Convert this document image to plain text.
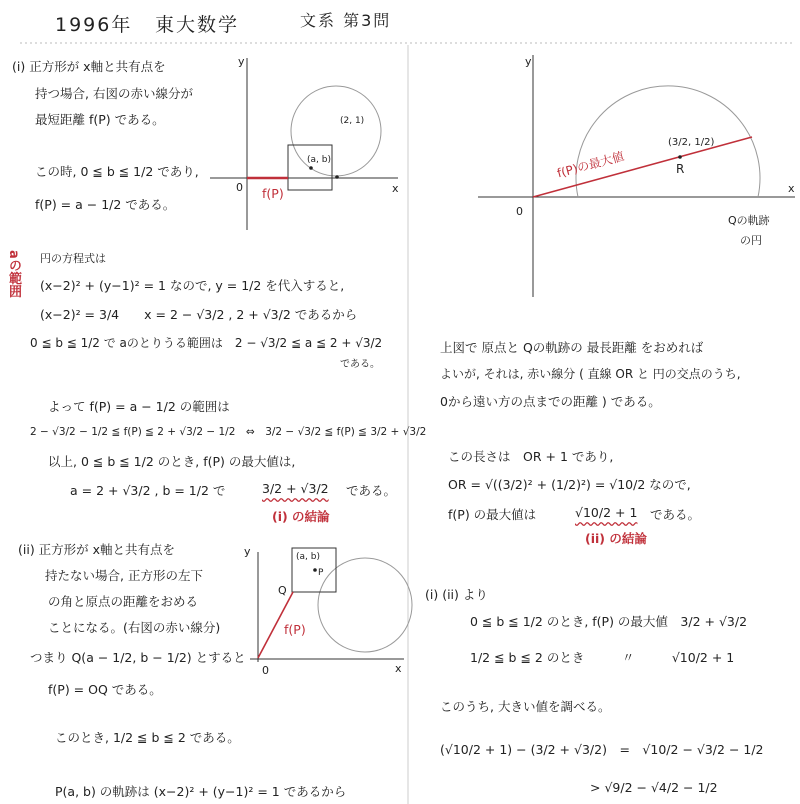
1996年 東大数学	文系 第3問
(i) 正方形が x軸と共有点を
持つ場合, 右図の赤い線分が
最短距離 f(P) である。
この時, 0 ≦ b ≦ 1/2 であり,
f(P) = a − 1/2 である。
y
x
0
(2, 1)
(a, b)
f(P)
aの範囲 円の方程式は
(x−2)² + (y−1)² = 1 なので, y = 1/2 を代入すると,
(x−2)² = 3/4　　x = 2 − √3/2 , 2 + √3/2 であるから
0 ≦ b ≦ 1/2 で aのとりうる範囲は　2 − √3/2 ≦ a ≦ 2 + √3/2
である。
よって f(P) = a − 1/2 の範囲は
2 − √3/2 − 1/2 ≦ f(P) ≦ 2 + √3/2 − 1/2　⇔　3/2 − √3/2 ≦ f(P) ≦ 3/2 + √3/2
以上, 0 ≦ b ≦ 1/2 のとき, f(P) の最大値は,
a = 2 + √3/2 , b = 1/2 で	3/2 + √3/2 である。
(i) の結論
(ii) 正方形が x軸と共有点を
持たない場合, 正方形の左下
の角と原点の距離をおめる
ことになる。(右図の赤い線分)
つまり Q(a − 1/2, b − 1/2) とすると
f(P) = OQ である。
このとき, 1/2 ≦ b ≦ 2 である。
P(a, b) の軌跡は (x−2)² + (y−1)² = 1 であるから
y
x
0
(a, b)
P
Q
f(P)
y
x
0
(3/2, 1/2)
R
f(P)の最大値
Qの軌跡
の円
上図で 原点と Qの軌跡の 最長距離 をおめれば
よいが, それは, 赤い線分 ( 直線 OR と 円の交点のうち,
0から遠い方の点までの距離 ) である。
この長さは　OR + 1 であり,
OR = √((3/2)² + (1/2)²) = √10/2 なので,
f(P) の最大値は	√10/2 + 1 である。
(ii) の結論
(i) (ii) より
0 ≦ b ≦ 1/2 のとき, f(P) の最大値　3/2 + √3/2
1/2 ≦ b ≦ 2 のとき　　　〃　　　√10/2 + 1
このうち, 大きい値を調べる。
(√10/2 + 1) − (3/2 + √3/2)　=　√10/2 − √3/2 − 1/2
> √9/2 − √4/2 − 1/2
